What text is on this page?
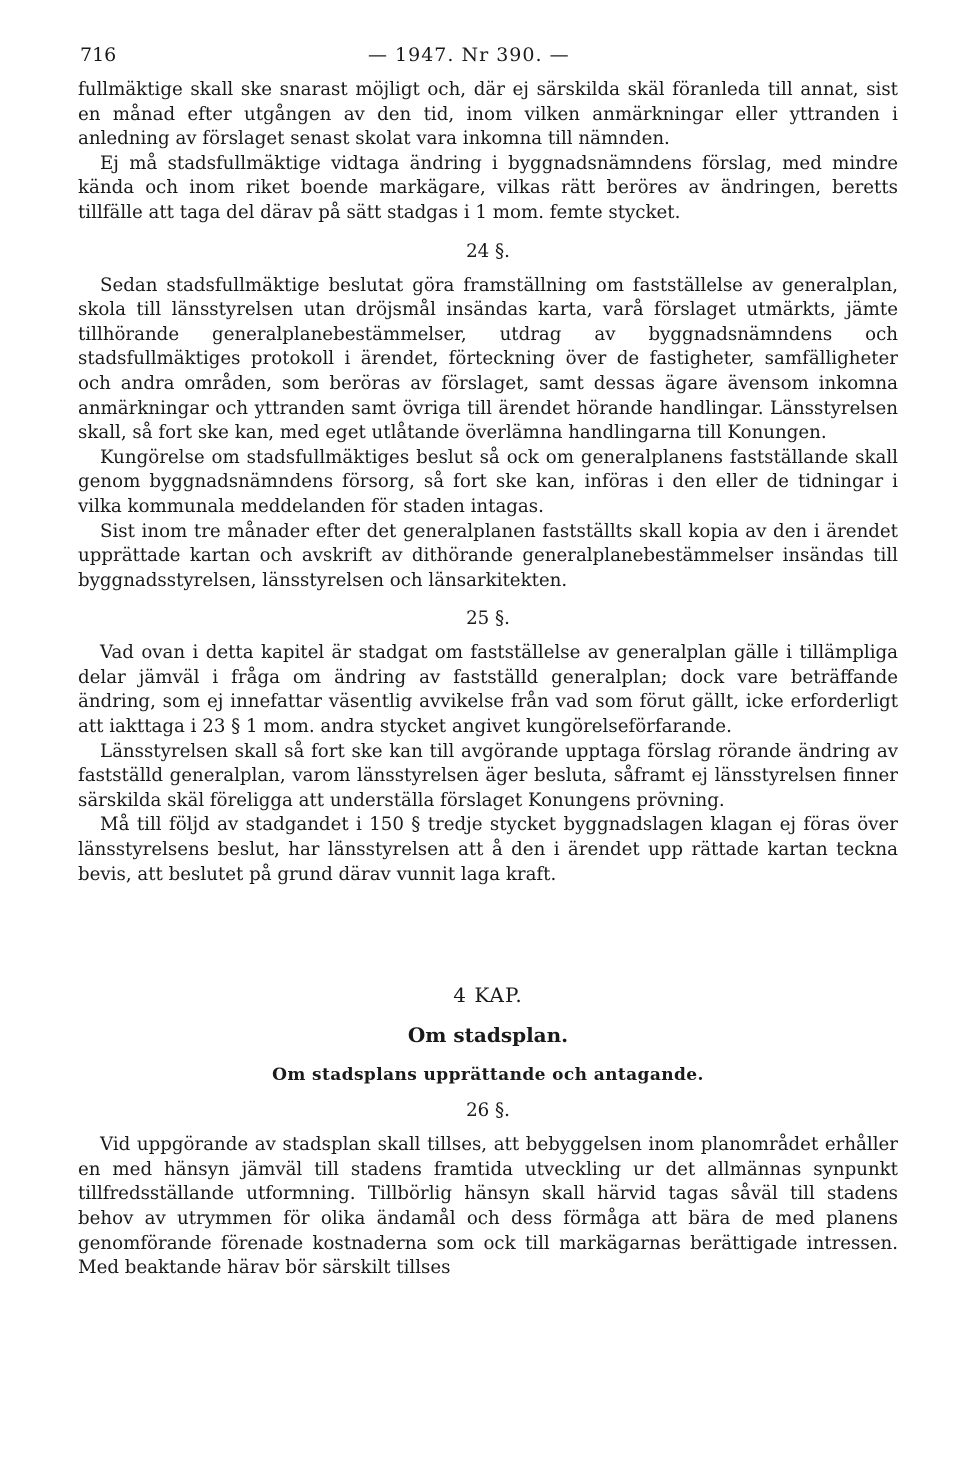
716	— 1947. Nr 390. —

fullmäktige skall ske snarast möjligt och, där ej särskilda skäl föranleda till annat, sist en månad efter utgången av den tid, inom vilken anmärkningar eller yttranden i anledning av förslaget senast skolat vara inkomna till nämnden.

Ej må stadsfullmäktige vidtaga ändring i byggnadsnämndens förslag, med mindre kända och inom riket boende markägare, vilkas rätt beröres av ändringen, beretts tillfälle att taga del därav på sätt stadgas i 1 mom. femte stycket.

24 §.

Sedan stadsfullmäktige beslutat göra framställning om fastställelse av generalplan, skola till länsstyrelsen utan dröjsmål insändas karta, varå förslaget utmärkts, jämte tillhörande generalplanebestämmelser, utdrag av byggnadsnämndens och stadsfullmäktiges protokoll i ärendet, förteckning över de fastigheter, samfälligheter och andra områden, som beröras av förslaget, samt dessas ägare ävensom inkomna anmärkningar och yttranden samt övriga till ärendet hörande handlingar. Länsstyrelsen skall, så fort ske kan, med eget utlåtande överlämna handlingarna till Konungen.

Kungörelse om stadsfullmäktiges beslut så ock om generalplanens fastställande skall genom byggnadsnämndens försorg, så fort ske kan, införas i den eller de tidningar i vilka kommunala meddelanden för staden intagas.

Sist inom tre månader efter det generalplanen fastställts skall kopia av den i ärendet upprättade kartan och avskrift av dithörande generalplanebestämmelser insändas till byggnadsstyrelsen, länsstyrelsen och länsarkitekten.

25 §.

Vad ovan i detta kapitel är stadgat om fastställelse av generalplan gälle i tillämpliga delar jämväl i fråga om ändring av fastställd generalplan; dock vare beträffande ändring, som ej innefattar väsentlig avvikelse från vad som förut gällt, icke erforderligt att iakttaga i 23 § 1 mom. andra stycket angivet kungörelseförfarande.

Länsstyrelsen skall så fort ske kan till avgörande upptaga förslag rörande ändring av fastställd generalplan, varom länsstyrelsen äger besluta, såframt ej länsstyrelsen finner särskilda skäl föreligga att underställa förslaget Konungens prövning.

Må till följd av stadgandet i 150 § tredje stycket byggnadslagen klagan ej föras över länsstyrelsens beslut, har länsstyrelsen att å den i ärendet upp rättade kartan teckna bevis, att beslutet på grund därav vunnit laga kraft.

4 KAP.
Om stadsplan.
Om stadsplans upprättande och antagande.
26 §.

Vid uppgörande av stadsplan skall tillses, att bebyggelsen inom planområdet erhåller en med hänsyn jämväl till stadens framtida utveckling ur det allmännas synpunkt tillfredsställande utformning. Tillbörlig hänsyn skall härvid tagas såväl till stadens behov av utrymmen för olika ändamål och dess förmåga att bära de med planens genomförande förenade kostnaderna som ock till markägarnas berättigade intressen. Med beaktande härav bör särskilt tillses
